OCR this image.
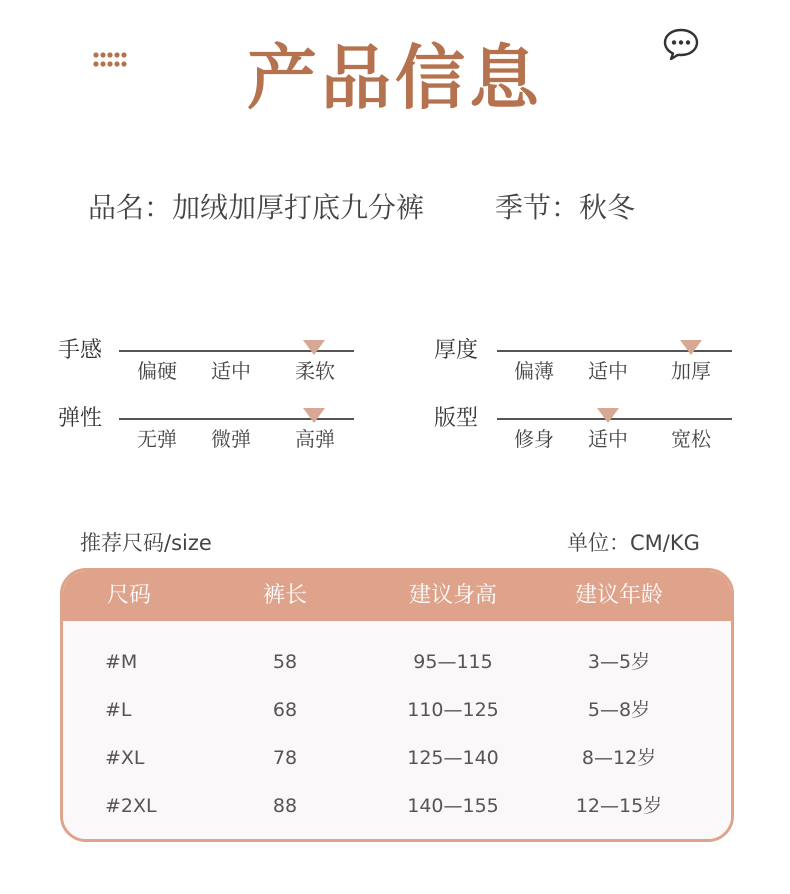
产品信息
品名：加绒加厚打底九分裤	季节：秋冬
手感
偏硬	适中	柔软
厚度
偏薄	适中	加厚
弹性
无弹	微弹	高弹
版型
修身	适中	宽松
推荐尺码/size	单位：CM/KG
尺码	裤长	建议身高	建议年龄
#M	58	95—115	3—5岁
#L	68	110—125	5—8岁
#XL	78	125—140	8—12岁
#2XL	88	140—155	12—15岁
